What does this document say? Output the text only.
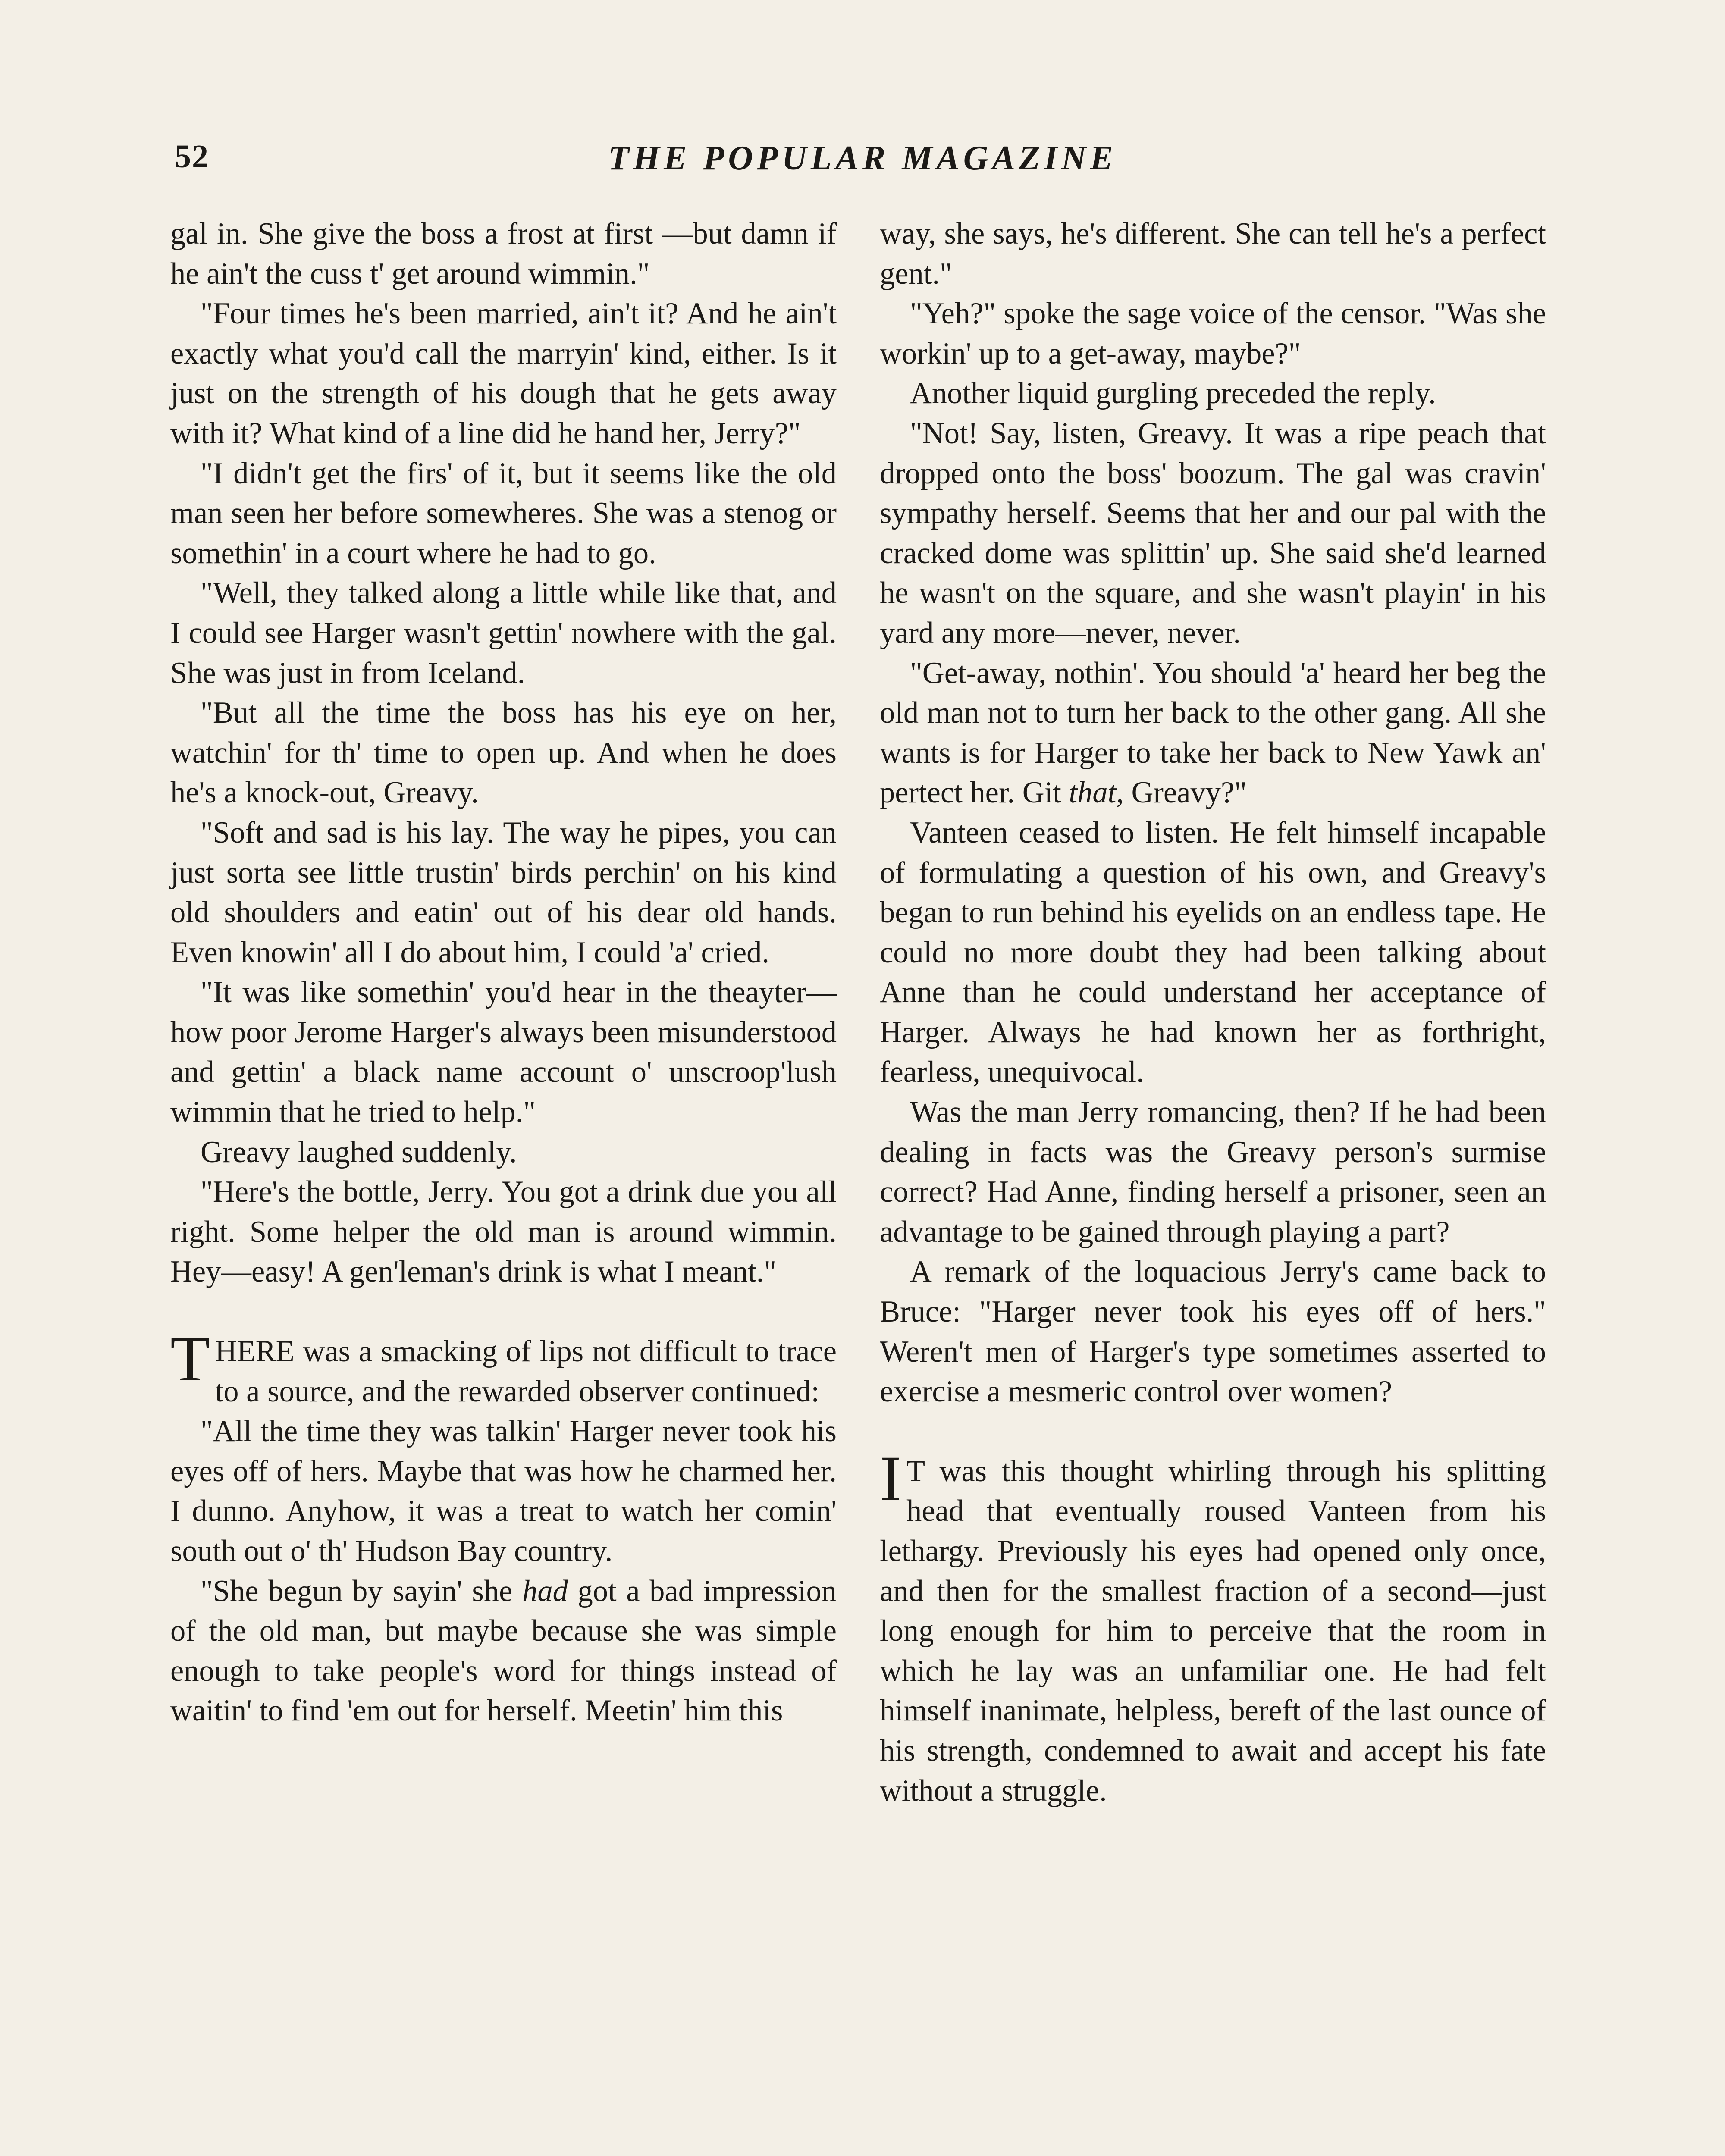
52	THE POPULAR MAGAZINE

gal in. She give the boss a frost at first —but damn if he ain't the cuss t' get around wimmin."

"Four times he's been married, ain't it? And he ain't exactly what you'd call the marryin' kind, either. Is it just on the strength of his dough that he gets away with it? What kind of a line did he hand her, Jerry?"

"I didn't get the firs' of it, but it seems like the old man seen her before somewheres. She was a stenog or somethin' in a court where he had to go.

"Well, they talked along a little while like that, and I could see Harger wasn't gettin' nowhere with the gal. She was just in from Iceland.

"But all the time the boss has his eye on her, watchin' for th' time to open up. And when he does he's a knock-out, Greavy.

"Soft and sad is his lay. The way he pipes, you can just sorta see little trustin' birds perchin' on his kind old shoulders and eatin' out of his dear old hands. Even knowin' all I do about him, I could 'a' cried.

"It was like somethin' you'd hear in the theayter—how poor Jerome Harger's always been misunderstood and gettin' a black name account o' unscroop'lush wimmin that he tried to help."

Greavy laughed suddenly.

"Here's the bottle, Jerry. You got a drink due you all right. Some helper the old man is around wimmin. Hey—easy! A gen'leman's drink is what I meant."

THERE was a smacking of lips not difficult to trace to a source, and the rewarded observer continued:

"All the time they was talkin' Harger never took his eyes off of hers. Maybe that was how he charmed her. I dunno. Anyhow, it was a treat to watch her comin' south out o' th' Hudson Bay country.

"She begun by sayin' she had got a bad impression of the old man, but maybe because she was simple enough to take people's word for things instead of waitin' to find 'em out for herself. Meetin' him this

way, she says, he's different. She can tell he's a perfect gent."

"Yeh?" spoke the sage voice of the censor. "Was she workin' up to a get-away, maybe?"

Another liquid gurgling preceded the reply.

"Not! Say, listen, Greavy. It was a ripe peach that dropped onto the boss' boozum. The gal was cravin' sympathy herself. Seems that her and our pal with the cracked dome was splittin' up. She said she'd learned he wasn't on the square, and she wasn't playin' in his yard any more—never, never.

"Get-away, nothin'. You should 'a' heard her beg the old man not to turn her back to the other gang. All she wants is for Harger to take her back to New Yawk an' pertect her. Git that, Greavy?"

Vanteen ceased to listen. He felt himself incapable of formulating a question of his own, and Greavy's began to run behind his eyelids on an endless tape. He could no more doubt they had been talking about Anne than he could understand her acceptance of Harger. Always he had known her as forthright, fearless, unequivocal.

Was the man Jerry romancing, then? If he had been dealing in facts was the Greavy person's surmise correct? Had Anne, finding herself a prisoner, seen an advantage to be gained through playing a part?

A remark of the loquacious Jerry's came back to Bruce: "Harger never took his eyes off of hers." Weren't men of Harger's type sometimes asserted to exercise a mesmeric control over women?

I T was this thought whirling through his splitting head that eventually roused Vanteen from his lethargy. Previously his eyes had opened only once, and then for the smallest fraction of a second—just long enough for him to perceive that the room in which he lay was an unfamiliar one. He had felt himself inanimate, helpless, bereft of the last ounce of his strength, condemned to await and accept his fate without a struggle.
